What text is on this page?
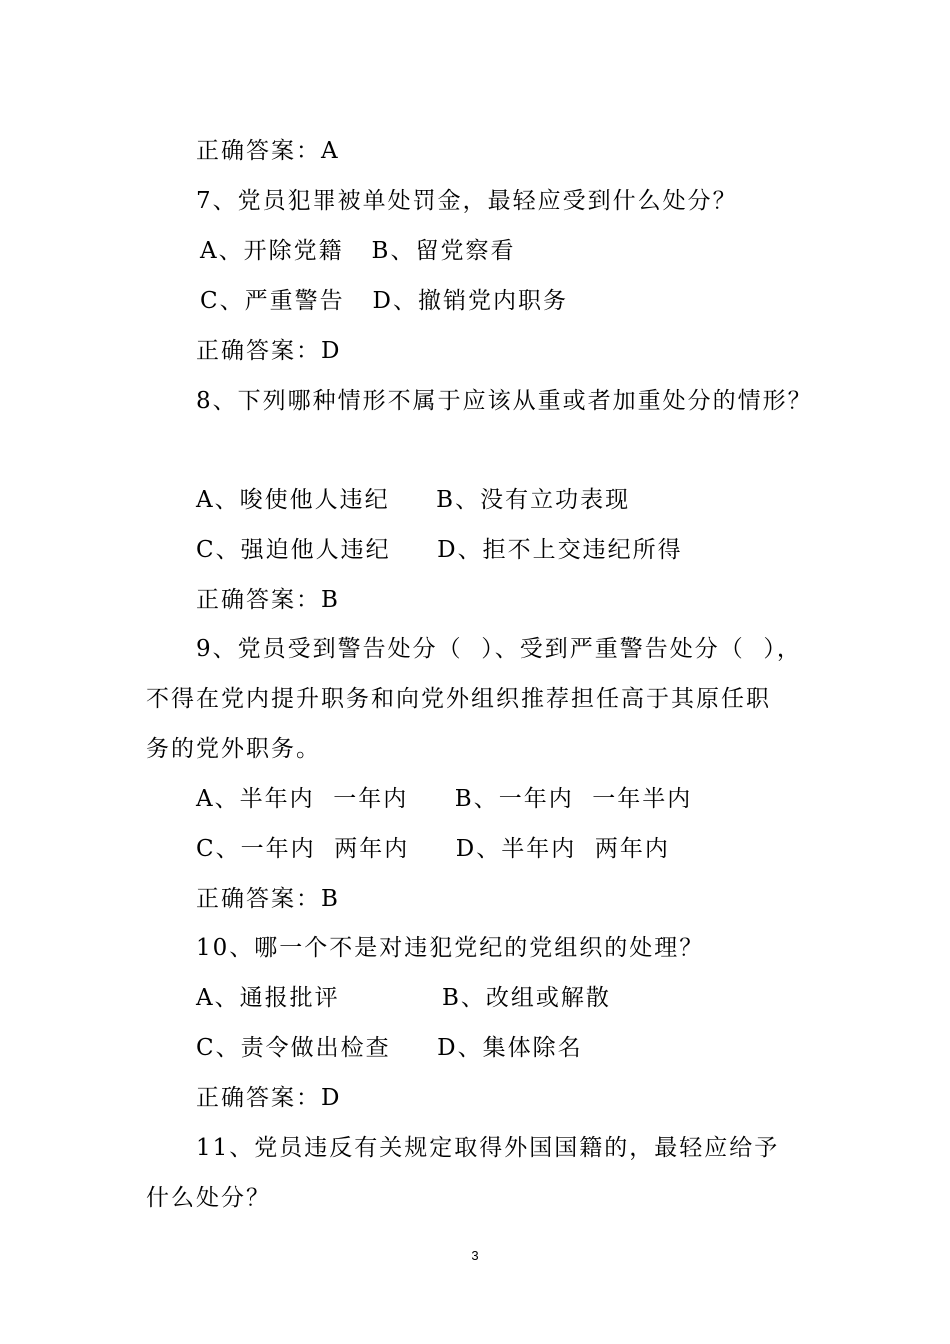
正确答案：A
7、党员犯罪被单处罚金，最轻应受到什么处分？
A、开除党籍   B、留党察看
C、严重警告   D、撤销党内职务
正确答案：D
8、下列哪种情形不属于应该从重或者加重处分的情形？
A、唆使他人违纪     B、没有立功表现
C、强迫他人违纪     D、拒不上交违纪所得
正确答案：B
9、党员受到警告处分（  ）、受到严重警告处分（  ），
不得在党内提升职务和向党外组织推荐担任高于其原任职
务的党外职务。
A、半年内  一年内     B、一年内  一年半内
C、一年内  两年内     D、半年内  两年内
正确答案：B
10、哪一个不是对违犯党纪的党组织的处理？
A、通报批评           B、改组或解散
C、责令做出检查     D、集体除名
正确答案：D
11、党员违反有关规定取得外国国籍的，最轻应给予
什么处分？
3
